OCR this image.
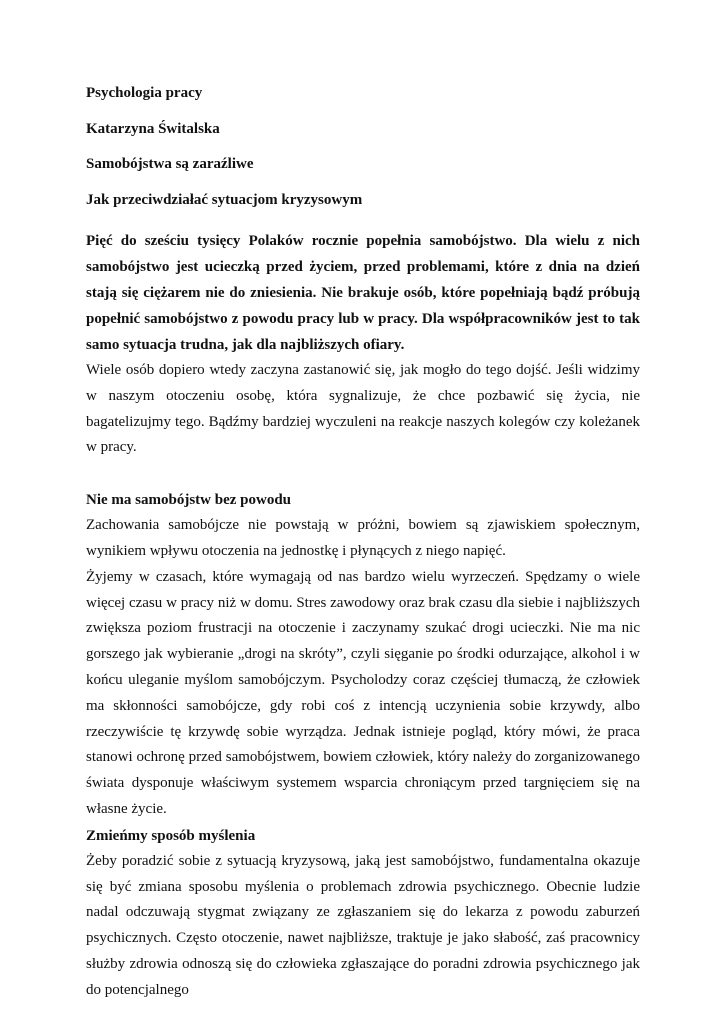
Psychologia pracy

Katarzyna Świtalska

Samobójstwa są zaraźliwe

Jak przeciwdziałać sytuacjom kryzysowym

Pięć do sześciu tysięcy Polaków rocznie popełnia samobójstwo. Dla wielu z nich samobójstwo jest ucieczką przed życiem, przed problemami, które z dnia na dzień stają się ciężarem nie do zniesienia. Nie brakuje osób, które popełniają bądź próbują popełnić samobójstwo z powodu pracy lub w pracy. Dla współpracowników jest to tak samo sytuacja trudna, jak dla najbliższych ofiary.

Wiele osób dopiero wtedy zaczyna zastanowić się, jak mogło do tego dojść. Jeśli widzimy w naszym otoczeniu osobę, która sygnalizuje, że chce pozbawić się życia, nie bagatelizujmy tego. Bądźmy bardziej wyczuleni na reakcje naszych kolegów czy koleżanek w pracy.

Nie ma samobójstw bez powodu

Zachowania samobójcze nie powstają w próżni, bowiem są zjawiskiem społecznym, wynikiem wpływu otoczenia na jednostkę i płynących z niego napięć.

Żyjemy w czasach, które wymagają od nas bardzo wielu wyrzeczeń. Spędzamy o wiele więcej czasu w pracy niż w domu. Stres zawodowy oraz brak czasu dla siebie i najbliższych zwiększa poziom frustracji na otoczenie i zaczynamy szukać drogi ucieczki. Nie ma nic gorszego jak wybieranie „drogi na skróty”, czyli sięganie po środki odurzające, alkohol i w końcu uleganie myślom samobójczym. Psycholodzy coraz częściej tłumaczą, że człowiek ma skłonności samobójcze, gdy robi coś z intencją uczynienia sobie krzywdy, albo rzeczywiście tę krzywdę sobie wyrządza. Jednak istnieje pogląd, który mówi, że praca stanowi ochronę przed samobójstwem, bowiem człowiek, który należy do zorganizowanego świata dysponuje właściwym systemem wsparcia chroniącym przed targnięciem się na własne życie.

Zmieńmy sposób myślenia

Żeby poradzić sobie z sytuacją kryzysową, jaką jest samobójstwo, fundamentalna okazuje się być zmiana sposobu myślenia o problemach zdrowia psychicznego. Obecnie ludzie nadal odczuwają stygmat związany ze zgłaszaniem się do lekarza z powodu zaburzeń psychicznych. Często otoczenie, nawet najbliższe, traktuje je jako słabość, zaś pracownicy służby zdrowia odnoszą się do człowieka zgłaszające do poradni zdrowia psychicznego jak do potencjalnego
